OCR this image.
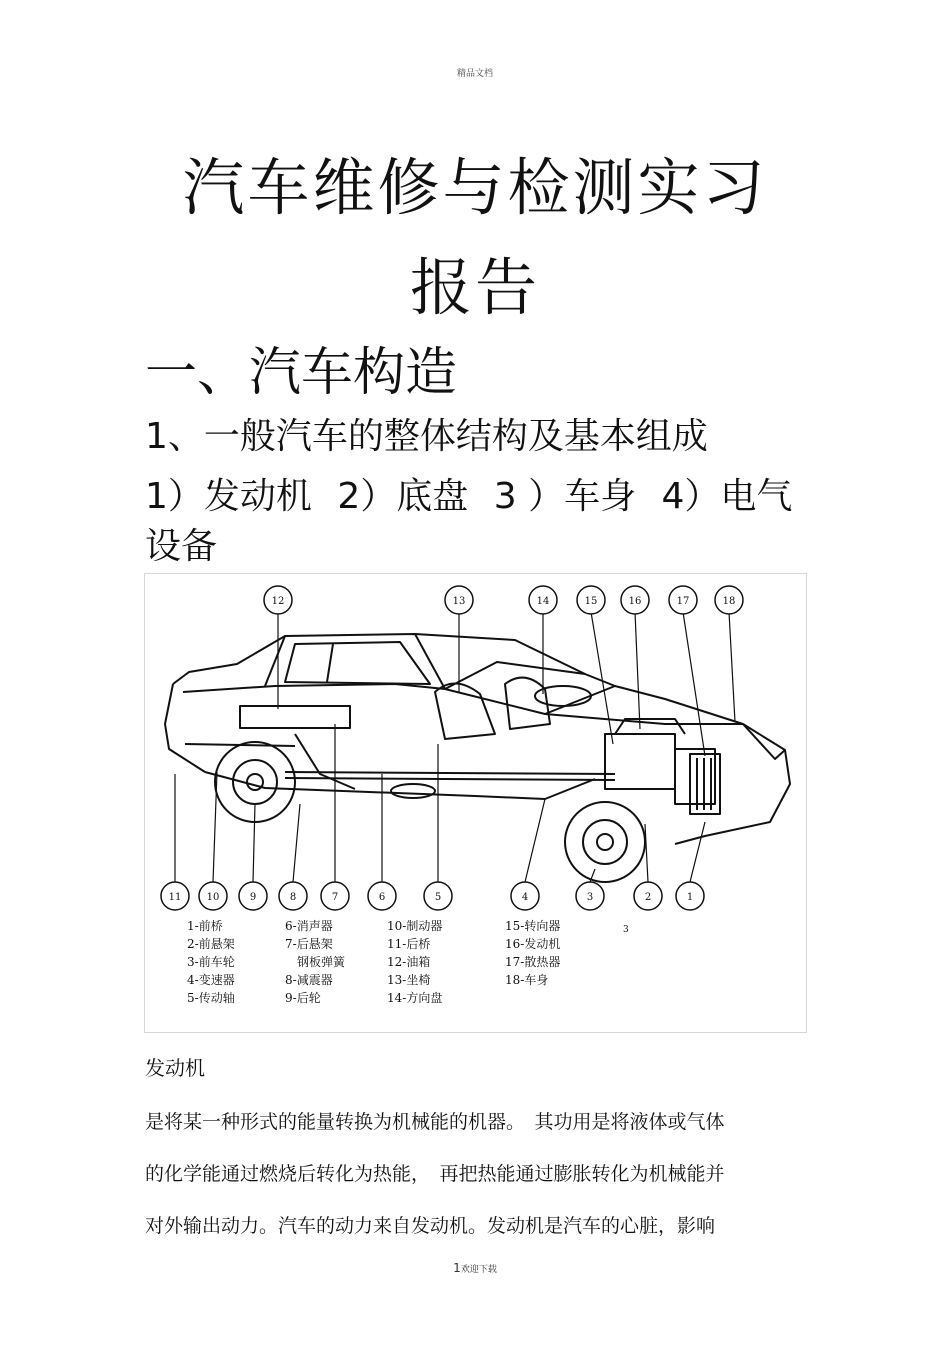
精品文档
汽车维修与检测实习
报告
一、汽车构造
1、一般汽车的整体结构及基本组成
1）发动机 2）底盘 3 ）车身 4）电气设备
12	13	14	15	16	17	18
11	10	9	8	7	6	5	4	3	2	1
1-前桥
2-前悬架
3-前车轮
4-变速器
5-传动轴
6-消声器
7-后悬架
钢板弹簧
8-减震器
9-后轮
10-制动器
11-后桥
12-油箱
13-坐椅
14-方向盘
15-转向器
16-发动机
17-散热器
18-车身
3
发动机

是将某一种形式的能量转换为机械能的机器。　其功用是将液体或气体

的化学能通过燃烧后转化为热能，　再把热能通过膨胀转化为机械能并

对外输出动力。汽车的动力来自发动机。发动机是汽车的心脏，影响

1欢迎下载
